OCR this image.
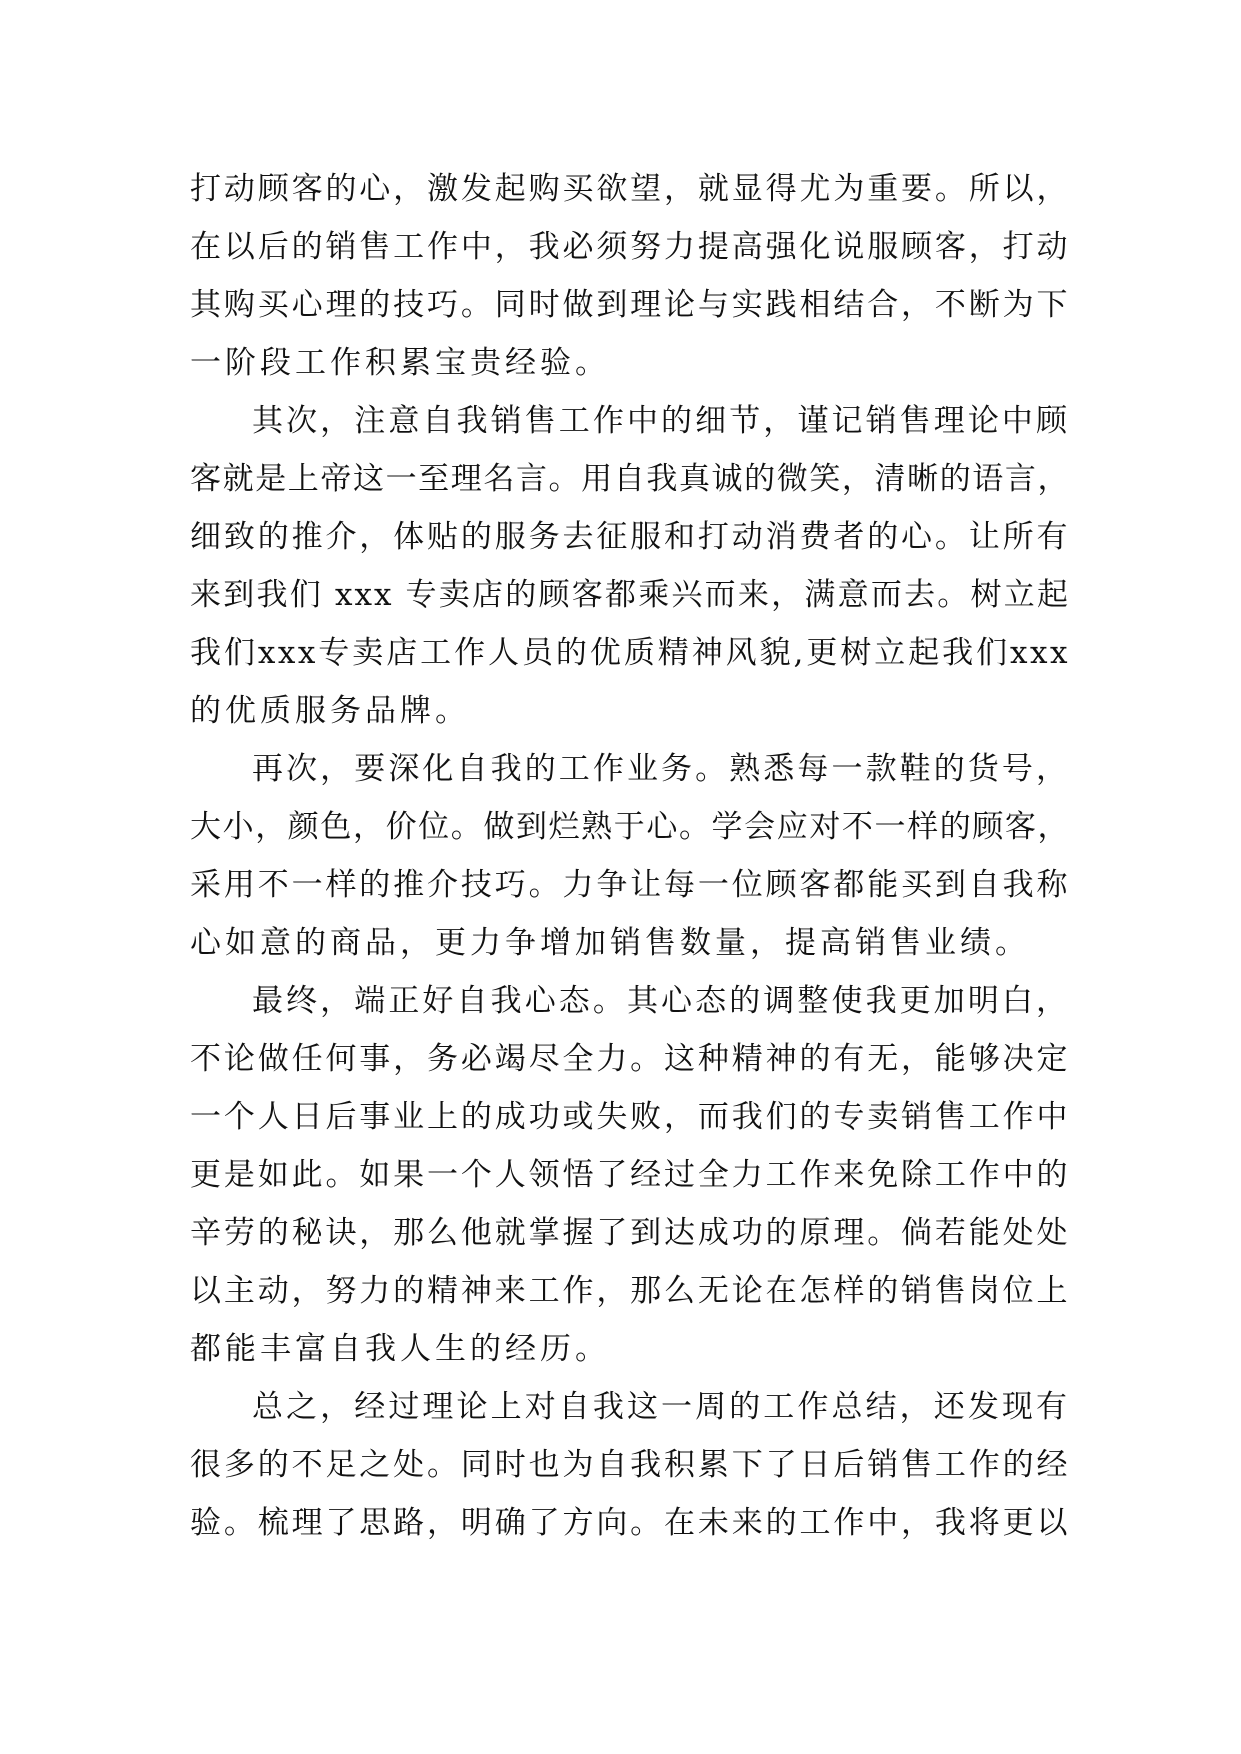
打动顾客的心，激发起购买欲望，就显得尤为重要。所以，
在以后的销售工作中，我必须努力提高强化说服顾客，打动
其购买心理的技巧。同时做到理论与实践相结合，不断为下
一阶段工作积累宝贵经验。
其次，注意自我销售工作中的细节，谨记销售理论中顾
客就是上帝这一至理名言。用自我真诚的微笑，清晰的语言，
细致的推介，体贴的服务去征服和打动消费者的心。让所有
来到我们 xxx 专卖店的顾客都乘兴而来，满意而去。树立起
我们xxx专卖店工作人员的优质精神风貌,更树立起我们xxx
的优质服务品牌。
再次，要深化自我的工作业务。熟悉每一款鞋的货号，
大小，颜色，价位。做到烂熟于心。学会应对不一样的顾客，
采用不一样的推介技巧。力争让每一位顾客都能买到自我称
心如意的商品，更力争增加销售数量，提高销售业绩。
最终，端正好自我心态。其心态的调整使我更加明白，
不论做任何事，务必竭尽全力。这种精神的有无，能够决定
一个人日后事业上的成功或失败，而我们的专卖销售工作中
更是如此。如果一个人领悟了经过全力工作来免除工作中的
辛劳的秘诀，那么他就掌握了到达成功的原理。倘若能处处
以主动，努力的精神来工作，那么无论在怎样的销售岗位上
都能丰富自我人生的经历。
总之，经过理论上对自我这一周的工作总结，还发现有
很多的不足之处。同时也为自我积累下了日后销售工作的经
验。梳理了思路，明确了方向。在未来的工作中，我将更以
